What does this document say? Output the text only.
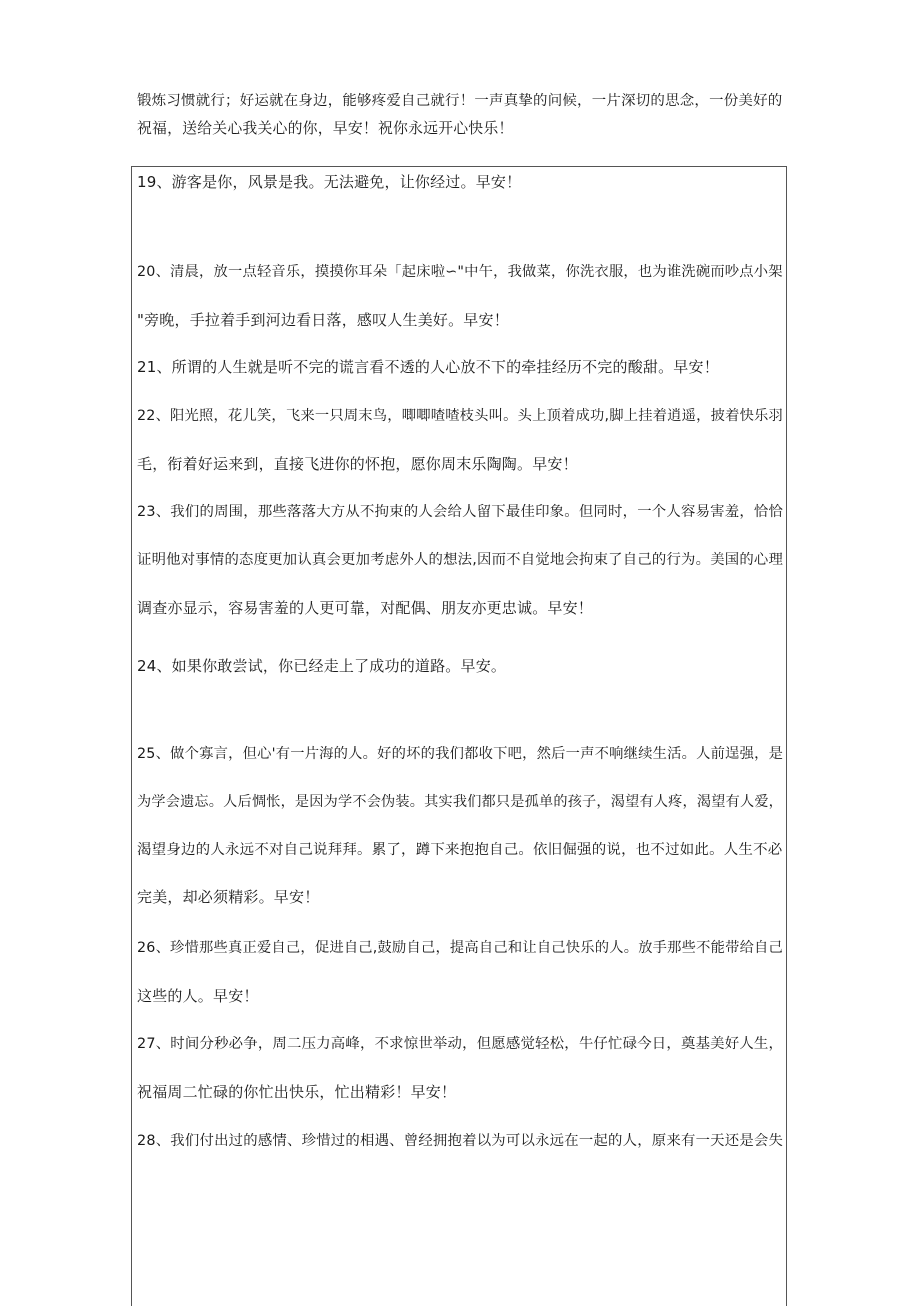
锻炼习惯就行；好运就在身边，能够疼爱自己就行！一声真挚的问候，一片深切的思念，一份美好的
祝福，送给关心我关心的你，早安！祝你永远开心快乐！
19、游客是你，风景是我。无法避免，让你经过。早安！
20、清晨，放一点轻音乐，摸摸你耳朵「起床啦∽"中午，我做菜，你洗衣服，也为谁洗碗而吵点小架
"旁晚，手拉着手到河边看日落，感叹人生美好。早安！
21、所谓的人生就是听不完的谎言看不透的人心放不下的牵挂经历不完的酸甜。早安！
22、阳光照，花儿笑，飞来一只周末鸟，唧唧喳喳枝头叫。头上顶着成功,脚上挂着逍遥，披着快乐羽
毛，衔着好运来到，直接飞进你的怀抱，愿你周末乐陶陶。早安！
23、我们的周围，那些落落大方从不拘束的人会给人留下最佳印象。但同时，一个人容易害羞，恰恰
证明他对事情的态度更加认真会更加考虑外人的想法,因而不自觉地会拘束了自己的行为。美国的心理
调查亦显示，容易害羞的人更可靠，对配偶、朋友亦更忠诚。早安！
24、如果你敢尝试，你已经走上了成功的道路。早安。
25、做个寡言，但心'有一片海的人。好的坏的我们都收下吧，然后一声不响继续生活。人前逞强，是
为学会遗忘。人后惆怅，是因为学不会伪装。其实我们都只是孤单的孩子，渴望有人疼，渴望有人爱，
渴望身边的人永远不对自己说拜拜。累了，蹲下来抱抱自己。依旧倔强的说，也不过如此。人生不必
完美，却必须精彩。早安！
26、珍惜那些真正爱自己，促进自己,鼓励自己，提高自己和让自己快乐的人。放手那些不能带给自己
这些的人。早安！
27、时间分秒必争，周二压力高峰，不求惊世举动，但愿感觉轻松，牛仔忙碌今日，奠基美好人生，
祝福周二忙碌的你忙出快乐，忙出精彩！早安！
28、我们付出过的感情、珍惜过的相遇、曾经拥抱着以为可以永远在一起的人，原来有一天还是会失
